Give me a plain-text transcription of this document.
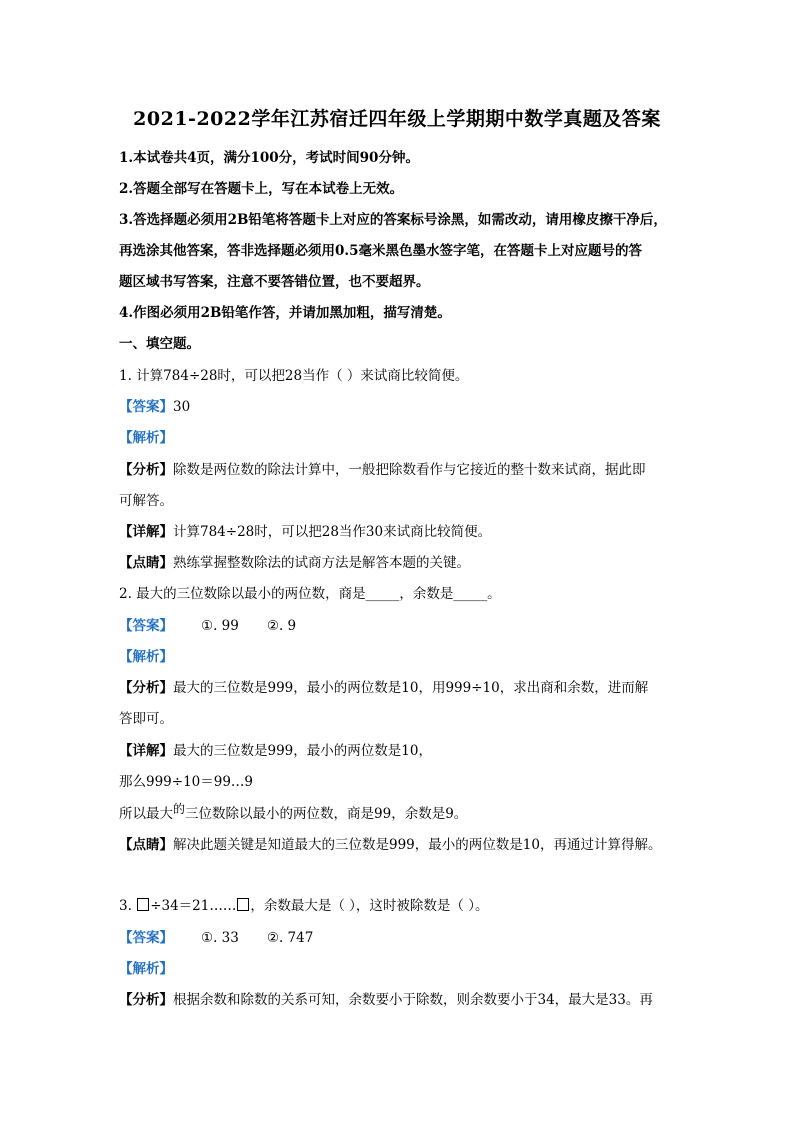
2021-2022学年江苏宿迁四年级上学期期中数学真题及答案
1.本试卷共4页，满分100分，考试时间90分钟。
2.答题全部写在答题卡上，写在本试卷上无效。
3.答选择题必须用2B铅笔将答题卡上对应的答案标号涂黑，如需改动，请用橡皮擦干净后，
再选涂其他答案，答非选择题必须用0.5毫米黑色墨水签字笔，在答题卡上对应题号的答
题区域书写答案，注意不要答错位置，也不要超界。
4.作图必须用2B铅笔作答，并请加黑加粗，描写清楚。
一、填空题。
1. 计算784÷28时，可以把28当作（ ）来试商比较简便。
【答案】30
【解析】
【分析】除数是两位数的除法计算中，一般把除数看作与它接近的整十数来试商，据此即
可解答。
【详解】计算784÷28时，可以把28当作30来试商比较简便。
【点睛】熟练掌握整数除法的试商方法是解答本题的关键。
2. 最大的三位数除以最小的两位数，商是_____，余数是_____。
【答案】 ①. 99 ②. 9
【解析】
【分析】最大的三位数是999，最小的两位数是10，用999÷10，求出商和余数，进而解
答即可。
【详解】最大的三位数是999，最小的两位数是10，
那么999÷10＝99…9
所以最大的三位数除以最小的两位数，商是99，余数是9。
【点睛】解决此题关键是知道最大的三位数是999，最小的两位数是10，再通过计算得解。
3. ÷34＝21…… ，余数最大是（ ），这时被除数是（ ）。
【答案】 ①. 33 ②. 747
【解析】
【分析】根据余数和除数的关系可知，余数要小于除数，则余数要小于34，最大是33。再
